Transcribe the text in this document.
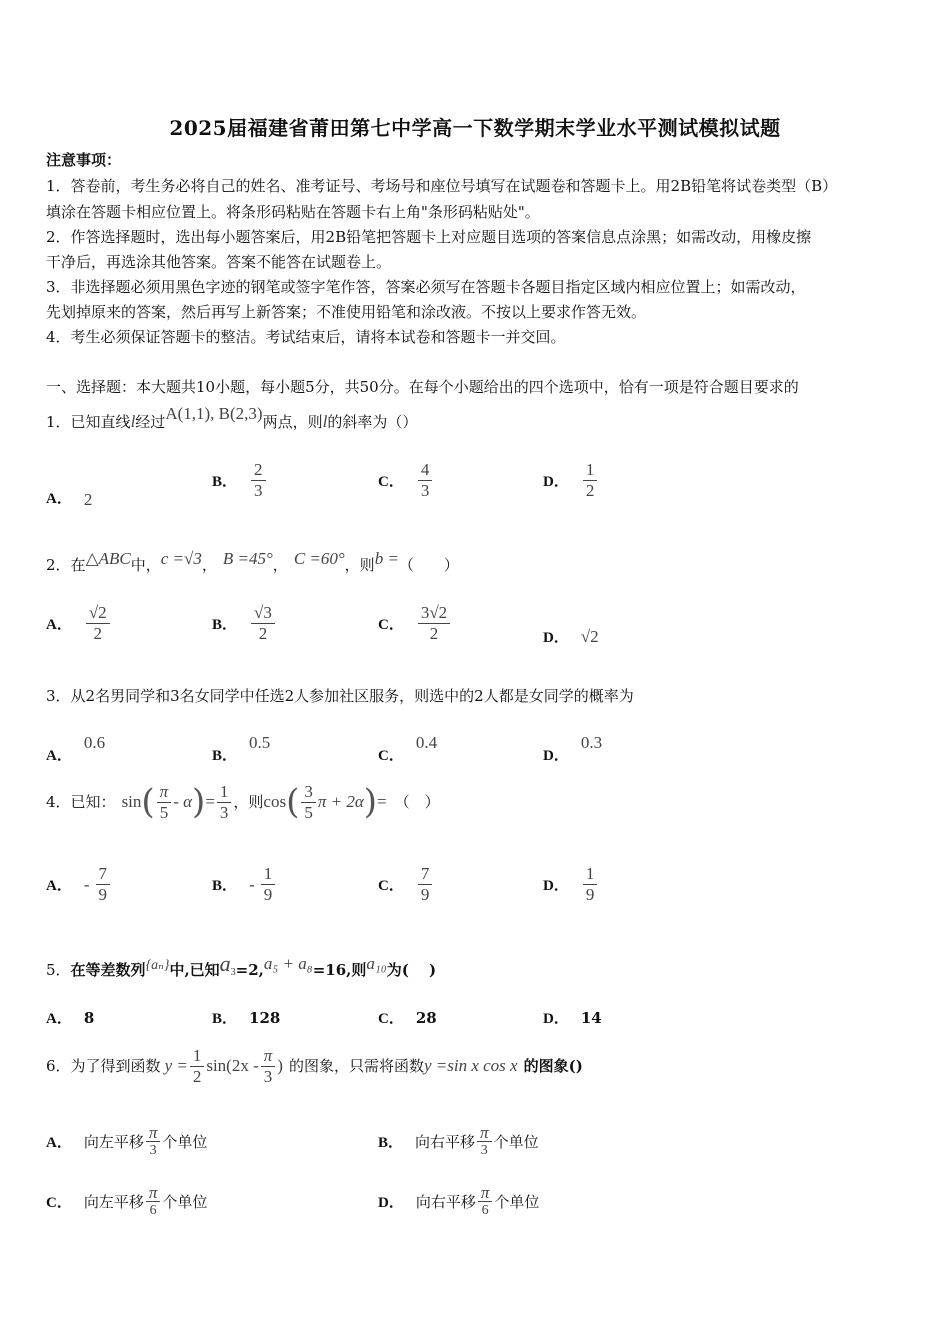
2025届福建省莆田第七中学高一下数学期末学业水平测试模拟试题
注意事项：
1．答卷前，考生务必将自己的姓名、准考证号、考场号和座位号填写在试题卷和答题卡上。用2B铅笔将试卷类型（B）
填涂在答题卡相应位置上。将条形码粘贴在答题卡右上角"条形码粘贴处"。
2．作答选择题时，选出每小题答案后，用2B铅笔把答题卡上对应题目选项的答案信息点涂黑；如需改动，用橡皮擦
干净后，再选涂其他答案。答案不能答在试题卷上。
3．非选择题必须用黑色字迹的钢笔或签字笔作答，答案必须写在答题卡各题目指定区域内相应位置上；如需改动，
先划掉原来的答案，然后再写上新答案；不准使用铅笔和涂改液。不按以上要求作答无效。
4．考生必须保证答题卡的整洁。考试结束后，请将本试卷和答题卡一并交回。
一、选择题：本大题共10小题，每小题5分，共50分。在每个小题给出的四个选项中，恰有一项是符合题目要求的
1．已知直线l经过A(1,1), B(2,3)两点，则l的斜率为（）
A． 2
B． $\frac{2}{3}$	C． $\frac{4}{3}$	D． $\frac{1}{2}$
2．在△ABC中，c =√3， B =45°， C =60°，则b =（　　）
A． $\frac{√2}{2}$	B． $\frac{√3}{2}$	C． $\frac{3√2}{2}$	D． √2
3．从2名男同学和3名女同学中任选2人参加社区服务，则选中的2人都是女同学的概率为
A．
0.6
B．
0.5
C．
0.4
D．
0.3
4． 已知： sin ( $\frac{\pi}{5}$ - α ) = $\frac{1}{3}$ ，则 cos ( $\frac{3}{5}$ π + 2α ) = （　）
A． - $\frac{7}{9}$	B． - $\frac{1}{9}$	C． $\frac{7}{9}$	D． $\frac{1}{9}$
5．在等差数列{aₙ}中,已知a3=2,a₅ + a₈=16,则a₁₀为(　 )
A． 8	B． 128	C． 28	D． 14
6． 为了得到函数 $y = \frac{1}{2} \sin(2x - \frac{\pi}{3}$ ) 的图象，只需将函数 y =sin x cos x 的图象()
A． 向左平移 $\frac{\pi}{3}$ 个单位	B． 向右平移 $\frac{\pi}{3}$ 个单位
C． 向左平移 $\frac{\pi}{6}$ 个单位	D． 向右平移 $\frac{\pi}{6}$ 个单位
